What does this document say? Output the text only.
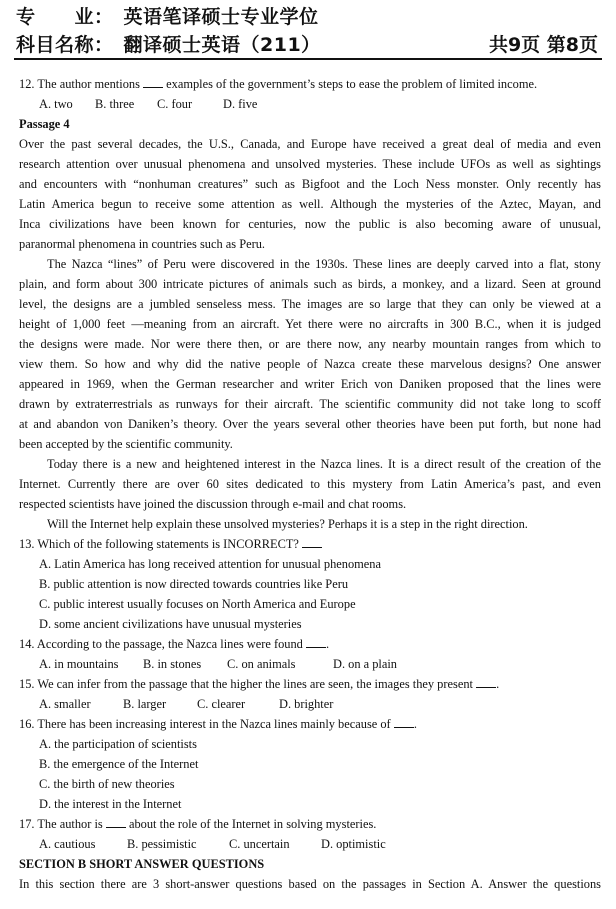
专　　业：　英语笔译硕士专业学位
科目名称：　翻译硕士英语（211）	共9页 第8页
12. The author mentions examples of the government’s steps to ease the problem of limited income.
A. two B. three C. four D. five
Passage 4
Over the past several decades, the U.S., Canada, and Europe have received a great deal of media and even
research attention over unusual phenomena and unsolved mysteries. These include UFOs as well as sightings
and encounters with “nonhuman creatures” such as Bigfoot and the Loch Ness monster. Only recently has
Latin America begun to receive some attention as well. Although the mysteries of the Aztec, Mayan, and
Inca civilizations have been known for centuries, now the public is also becoming aware of unusual,
paranormal phenomena in countries such as Peru.
The Nazca “lines” of Peru were discovered in the 1930s. These lines are deeply carved into a flat, stony
plain, and form about 300 intricate pictures of animals such as birds, a monkey, and a lizard. Seen at ground
level, the designs are a jumbled senseless mess. The images are so large that they can only be viewed at a
height of 1,000 feet —meaning from an aircraft. Yet there were no aircrafts in 300 B.C., when it is judged
the designs were made. Nor were there then, or are there now, any nearby mountain ranges from which to
view them. So how and why did the native people of Nazca create these marvelous designs? One answer
appeared in 1969, when the German researcher and writer Erich von Daniken proposed that the lines were
drawn by extraterrestrials as runways for their aircraft. The scientific community did not take long to scoff
at and abandon von Daniken’s theory. Over the years several other theories have been put forth, but none had
been accepted by the scientific community.
Today there is a new and heightened interest in the Nazca lines. It is a direct result of the creation of the
Internet. Currently there are over 60 sites dedicated to this mystery from Latin America’s past, and even
respected scientists have joined the discussion through e-mail and chat rooms.
Will the Internet help explain these unsolved mysteries? Perhaps it is a step in the right direction.
13. Which of the following statements is INCORRECT?
A. Latin America has long received attention for unusual phenomena
B. public attention is now directed towards countries like Peru
C. public interest usually focuses on North America and Europe
D. some ancient civilizations have unusual mysteries
14. According to the passage, the Nazca lines were found .
A. in mountains B. in stones C. on animals	D. on a plain
15. We can infer from the passage that the higher the lines are seen, the images they present .
A. smaller	B. larger C. clearer	D. brighter
16. There has been increasing interest in the Nazca lines mainly because of .
A. the participation of scientists
B. the emergence of the Internet
C. the birth of new theories
D. the interest in the Internet
17. The author is about the role of the Internet in solving mysteries.
A. cautious	B. pessimistic	C. uncertain	D. optimistic
SECTION B SHORT ANSWER QUESTIONS
In this section there are 3 short-answer questions based on the passages in Section A. Answer the questions
